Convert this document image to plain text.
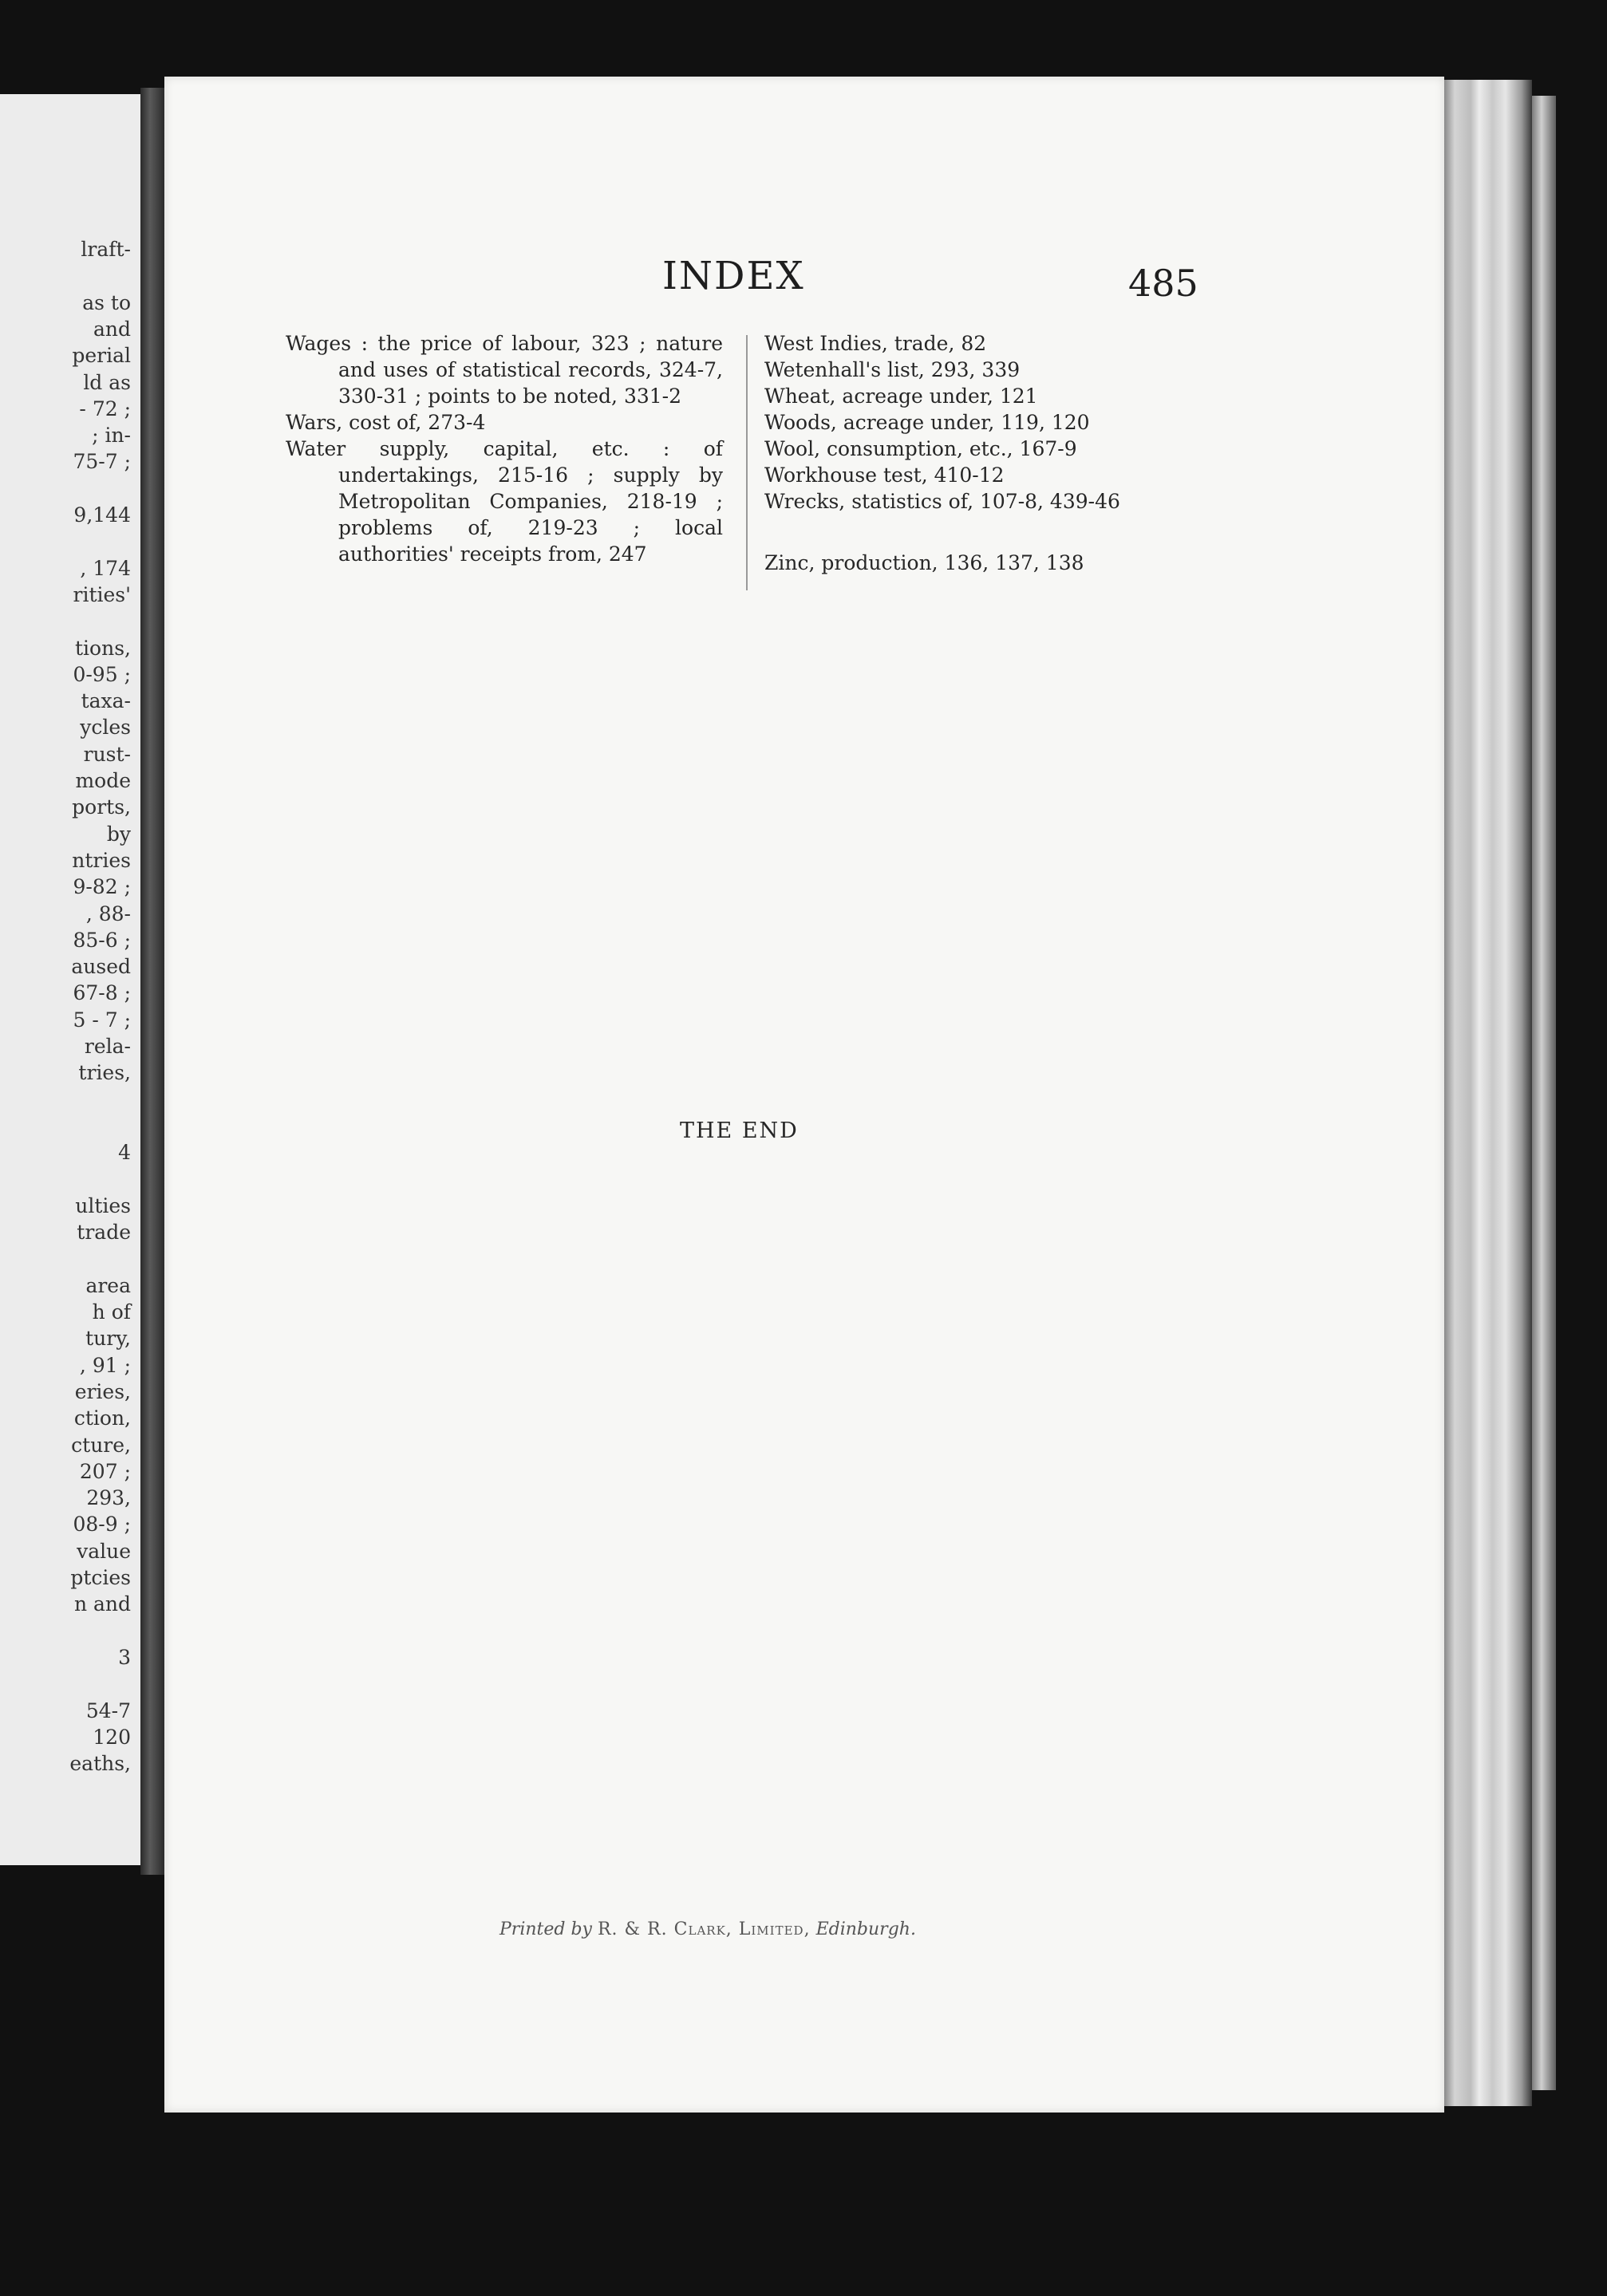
lraft-
as to
and
perial
ld as
- 72 ;
; in-
75-7 ;
9,144
, 174
rities'
tions,
0-95 ;
taxa-
ycles
rust-
mode
ports,
by
ntries
9-82 ;
, 88-
85-6 ;
aused
67-8 ;
5 - 7 ;
rela-
tries,
4
ulties
trade
area
h of
tury,
, 91 ;
eries,
ction,
cture,
207 ;
293,
08-9 ;
value
ptcies
n and
3
54-7
120
eaths,
INDEX	485
Wages : the price of labour, 323 ; nature and uses of statistical records, 324-7, 330-31 ; points to be noted, 331-2
Wars, cost of, 273-4
Water supply, capital, etc. : of undertakings, 215-16 ; supply by Metropolitan Companies, 218-19 ; problems of, 219-23 ; local authorities' receipts from, 247
West Indies, trade, 82
Wetenhall's list, 293, 339
Wheat, acreage under, 121
Woods, acreage under, 119, 120
Wool, consumption, etc., 167-9
Workhouse test, 410-12
Wrecks, statistics of, 107-8, 439-46
Zinc, production, 136, 137, 138
THE END
Printed by R. & R. Clark, Limited, Edinburgh.
